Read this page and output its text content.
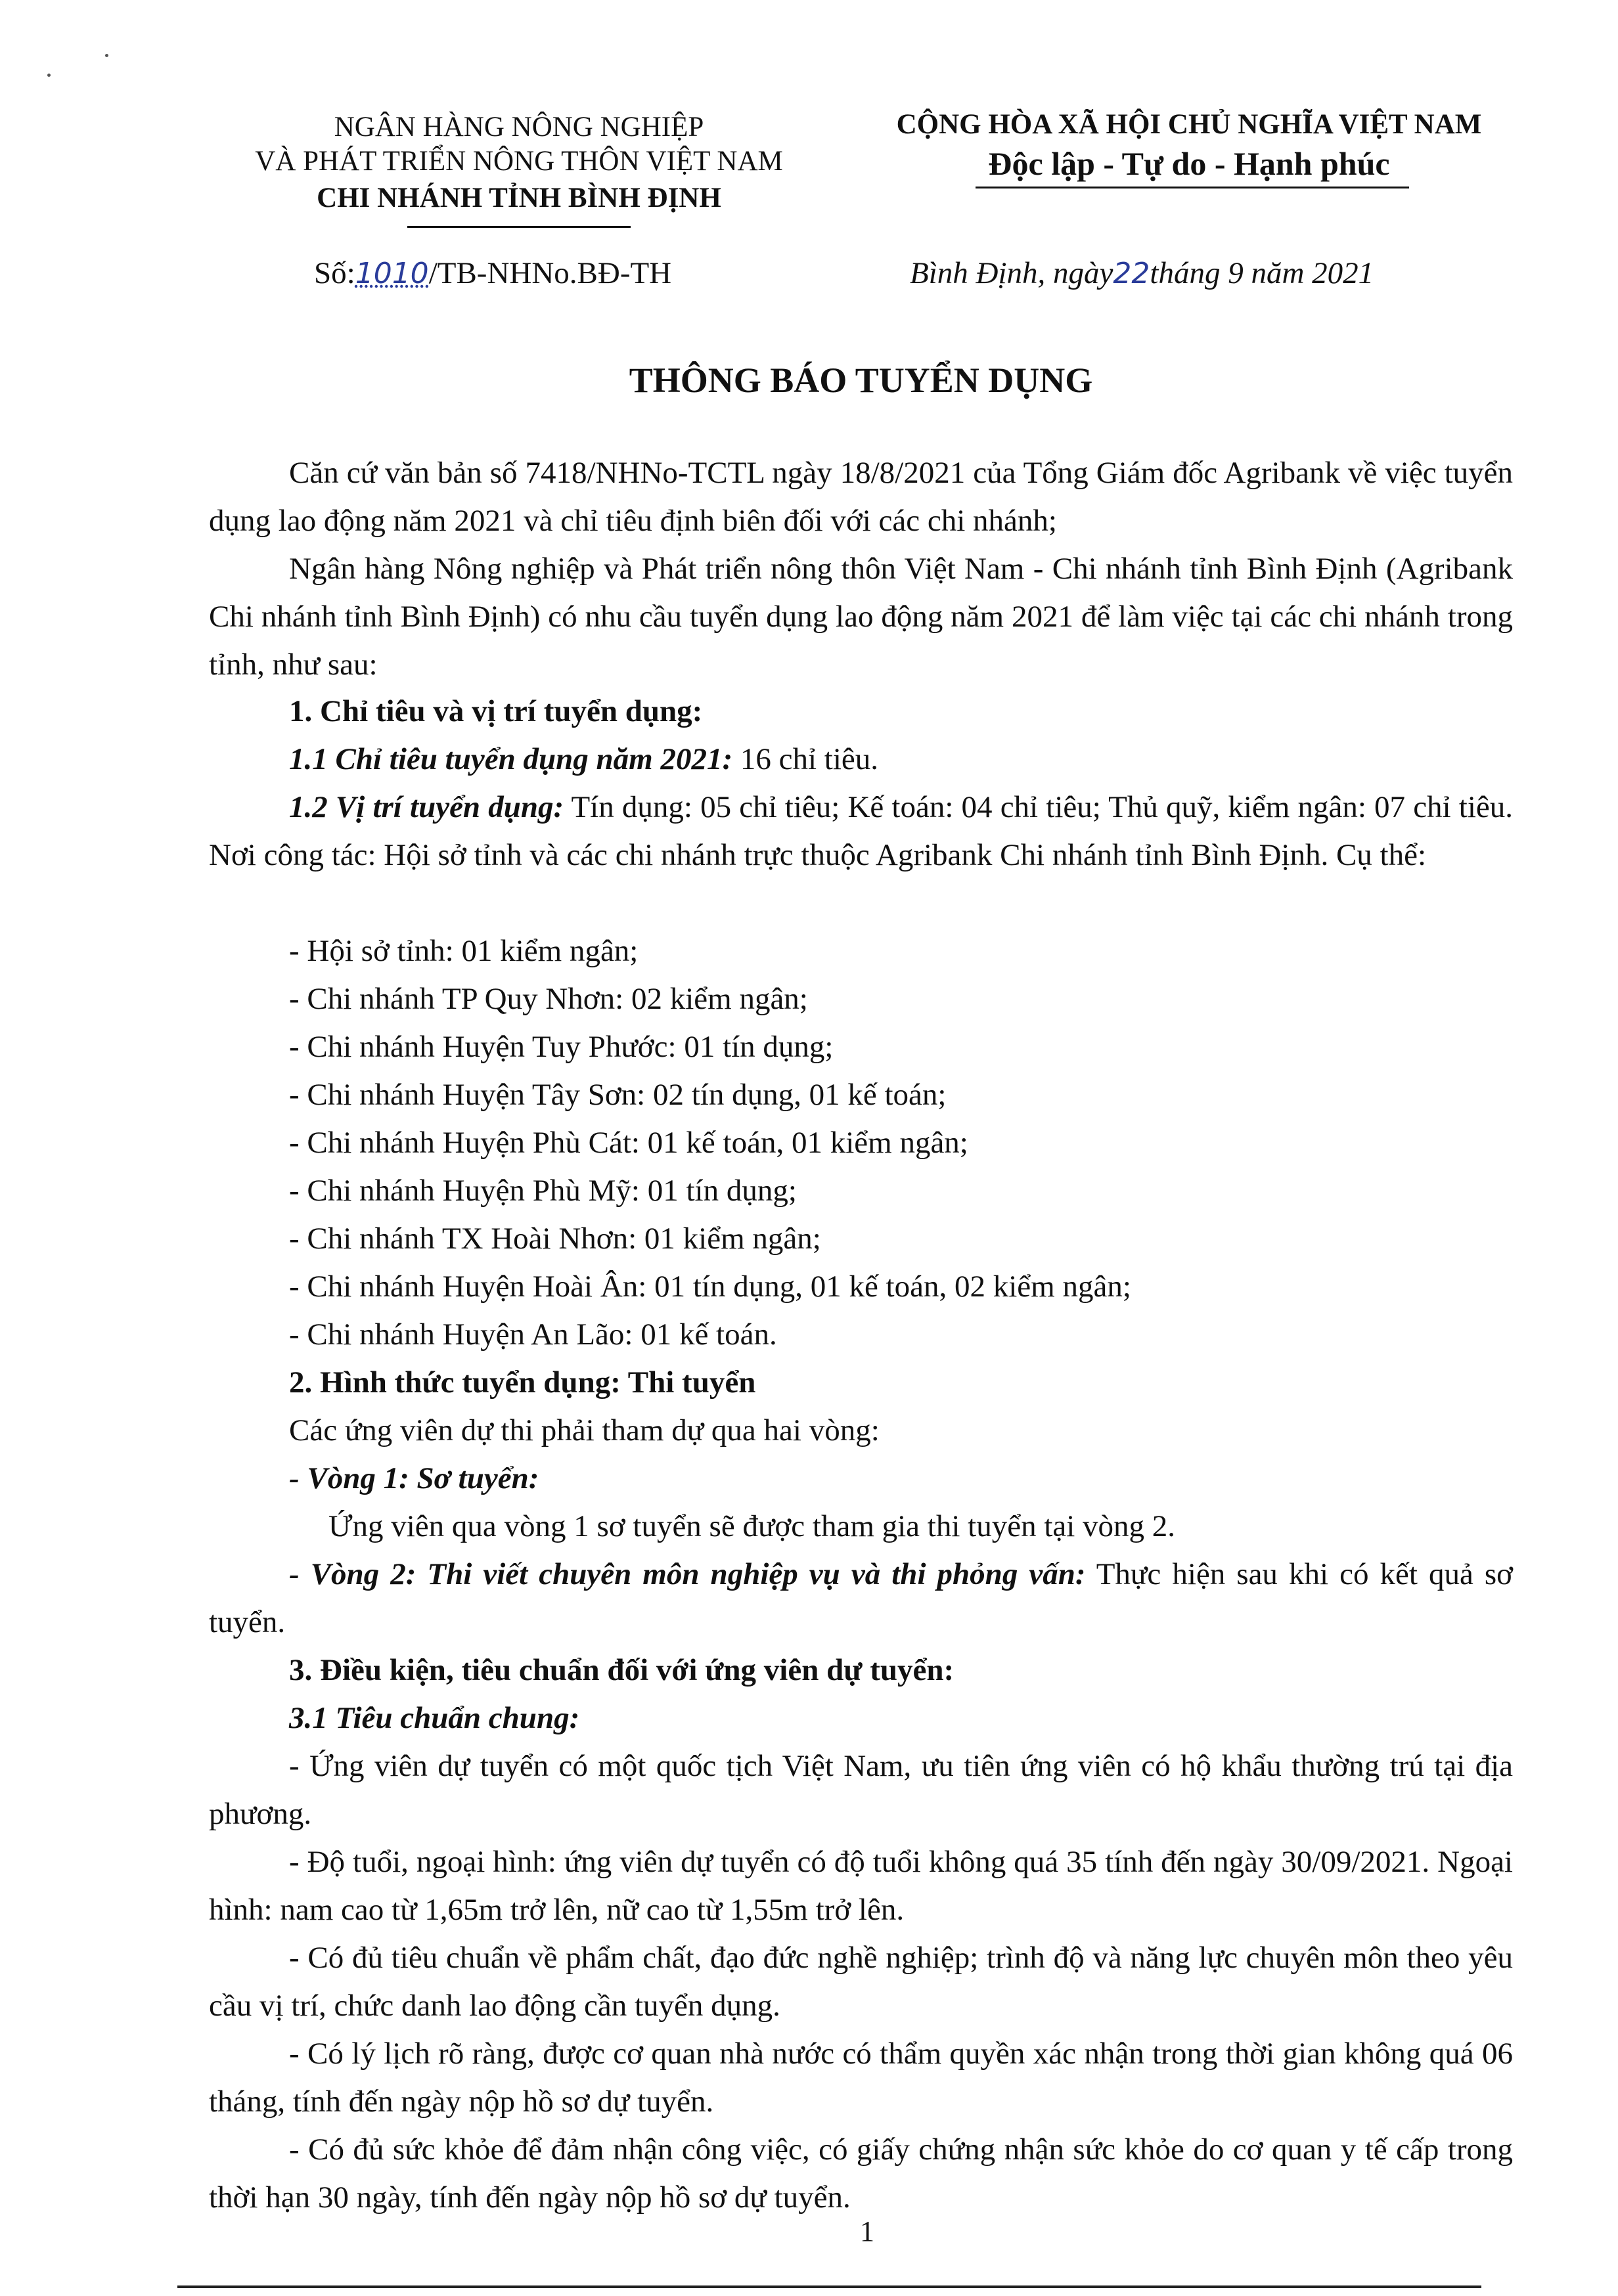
NGÂN HÀNG NÔNG NGHIỆP
VÀ PHÁT TRIỂN NÔNG THÔN VIỆT NAM
CHI NHÁNH TỈNH BÌNH ĐỊNH
CỘNG HÒA XÃ HỘI CHỦ NGHĨA VIỆT NAM
Độc lập - Tự do - Hạnh phúc
Số:1010/TB-NHNo.BĐ-TH	Bình Định, ngày22tháng 9 năm 2021
THÔNG BÁO TUYỂN DỤNG
Căn cứ văn bản số 7418/NHNo-TCTL ngày 18/8/2021 của Tổng Giám đốc Agribank về việc tuyển dụng lao động năm 2021 và chỉ tiêu định biên đối với các chi nhánh;
Ngân hàng Nông nghiệp và Phát triển nông thôn Việt Nam - Chi nhánh tỉnh Bình Định (Agribank Chi nhánh tỉnh Bình Định) có nhu cầu tuyển dụng lao động năm 2021 để làm việc tại các chi nhánh trong tỉnh, như sau:
1. Chỉ tiêu và vị trí tuyển dụng:
1.1 Chỉ tiêu tuyển dụng năm 2021: 16 chỉ tiêu.
1.2 Vị trí tuyển dụng: Tín dụng: 05 chỉ tiêu; Kế toán: 04 chỉ tiêu; Thủ quỹ, kiểm ngân: 07 chỉ tiêu. Nơi công tác: Hội sở tỉnh và các chi nhánh trực thuộc Agribank Chi nhánh tỉnh Bình Định. Cụ thể:
- Hội sở tỉnh: 01 kiểm ngân;
- Chi nhánh TP Quy Nhơn: 02 kiểm ngân;
- Chi nhánh Huyện Tuy Phước: 01 tín dụng;
- Chi nhánh Huyện Tây Sơn: 02 tín dụng, 01 kế toán;
- Chi nhánh Huyện Phù Cát: 01 kế toán, 01 kiểm ngân;
- Chi nhánh Huyện Phù Mỹ: 01 tín dụng;
- Chi nhánh TX Hoài Nhơn: 01 kiểm ngân;
- Chi nhánh Huyện Hoài Ân: 01 tín dụng, 01 kế toán, 02 kiểm ngân;
- Chi nhánh Huyện An Lão: 01 kế toán.
2. Hình thức tuyển dụng: Thi tuyển
Các ứng viên dự thi phải tham dự qua hai vòng:
- Vòng 1: Sơ tuyển:
Ứng viên qua vòng 1 sơ tuyển sẽ được tham gia thi tuyển tại vòng 2.
- Vòng 2: Thi viết chuyên môn nghiệp vụ và thi phỏng vấn: Thực hiện sau khi có kết quả sơ tuyển.
3. Điều kiện, tiêu chuẩn đối với ứng viên dự tuyển:
3.1 Tiêu chuẩn chung:
- Ứng viên dự tuyển có một quốc tịch Việt Nam, ưu tiên ứng viên có hộ khẩu thường trú tại địa phương.
- Độ tuổi, ngoại hình: ứng viên dự tuyển có độ tuổi không quá 35 tính đến ngày 30/09/2021. Ngoại hình: nam cao từ 1,65m trở lên, nữ cao từ 1,55m trở lên.
- Có đủ tiêu chuẩn về phẩm chất, đạo đức nghề nghiệp; trình độ và năng lực chuyên môn theo yêu cầu vị trí, chức danh lao động cần tuyển dụng.
- Có lý lịch rõ ràng, được cơ quan nhà nước có thẩm quyền xác nhận trong thời gian không quá 06 tháng, tính đến ngày nộp hồ sơ dự tuyển.
- Có đủ sức khỏe để đảm nhận công việc, có giấy chứng nhận sức khỏe do cơ quan y tế cấp trong thời hạn 30 ngày, tính đến ngày nộp hồ sơ dự tuyển.
1
